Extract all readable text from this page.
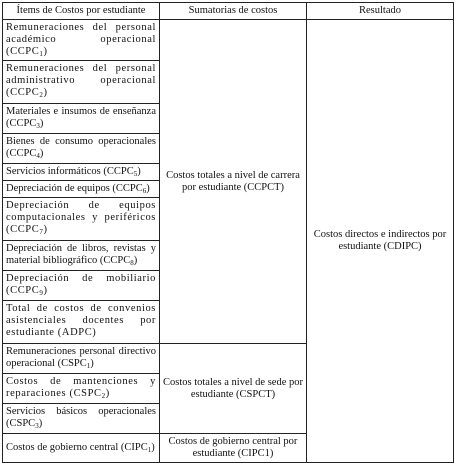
Ítems de Costos por estudiante	Sumatorias de costos	Resultado
Remuneraciones del personal académico operacional $(CCPC_1)$	Costos totales a nivel de carrera por estudiante (CCPCT)	Costos directos e indirectos por estudiante (CDIPC)
Remuneraciones del personal administrativo operacional $(CCPC_2)$		
Materiales e insumos de enseñanza $(CCPC_3)$		
Bienes de consumo operacionales $(CCPC_4)$		
Servicios informáticos $(CCPC_5)$		
Depreciación de equipos $(CCPC_6)$		
Depreciación de equipos computacionales y periféricos $(CCPC_7)$		
Depreciación de libros, revistas y material bibliográfico $(CCPC_8)$		
Depreciación de mobiliario $(CCPC_9)$		
Total de costos de convenios asistenciales docentes por estudiante (ADPC)		
Remuneraciones personal directivo operacional $(CSPC_1)$	Costos totales a nivel de sede por estudiante (CSPCT)	
Costos de mantenciones y reparaciones $(CSPC_2)$		
Servicios básicos operacionales $(CSPC_3)$		
Costos de gobierno central $(CIPC_1)$	Costos de gobierno central por estudiante (CIPC1)	
